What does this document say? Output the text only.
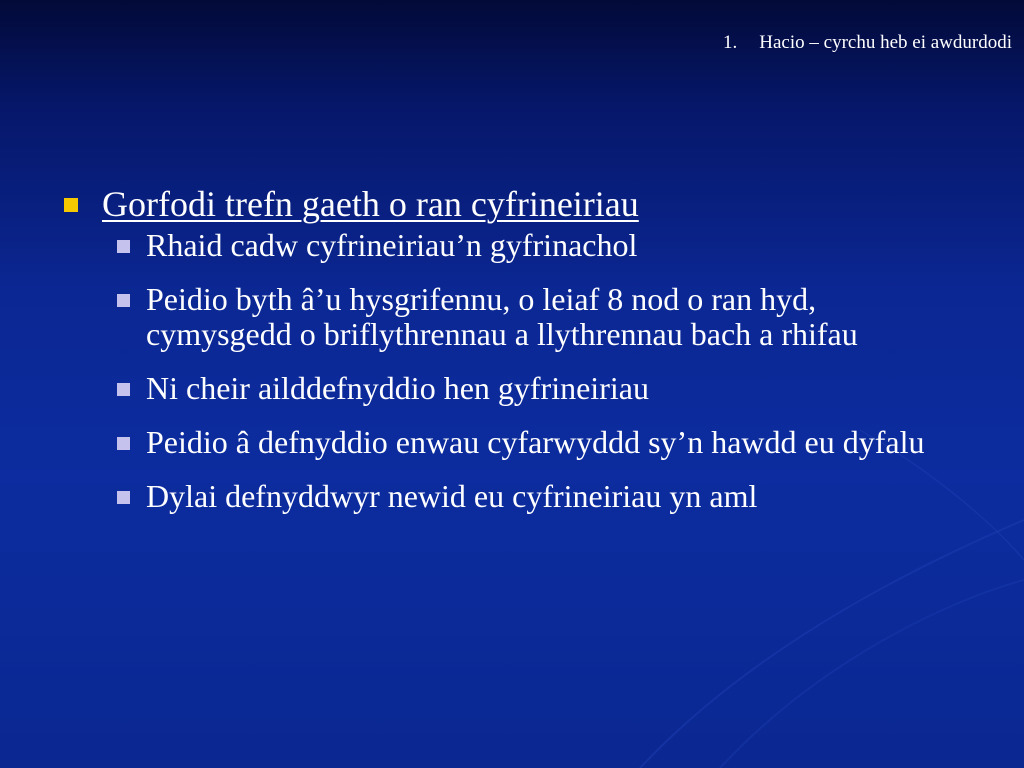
1. Hacio – cyrchu heb ei awdurdodi
Gorfodi trefn gaeth o ran cyfrineiriau
Rhaid cadw cyfrineiriau’n gyfrinachol
Peidio byth â’u hysgrifennu, o leiaf 8 nod o ran hyd, cymysgedd o briflythrennau a llythrennau bach a rhifau
Ni cheir ailddefnyddio hen gyfrineiriau
Peidio â defnyddio enwau cyfarwyddd sy’n hawdd eu dyfalu
Dylai defnyddwyr newid eu cyfrineiriau yn aml
